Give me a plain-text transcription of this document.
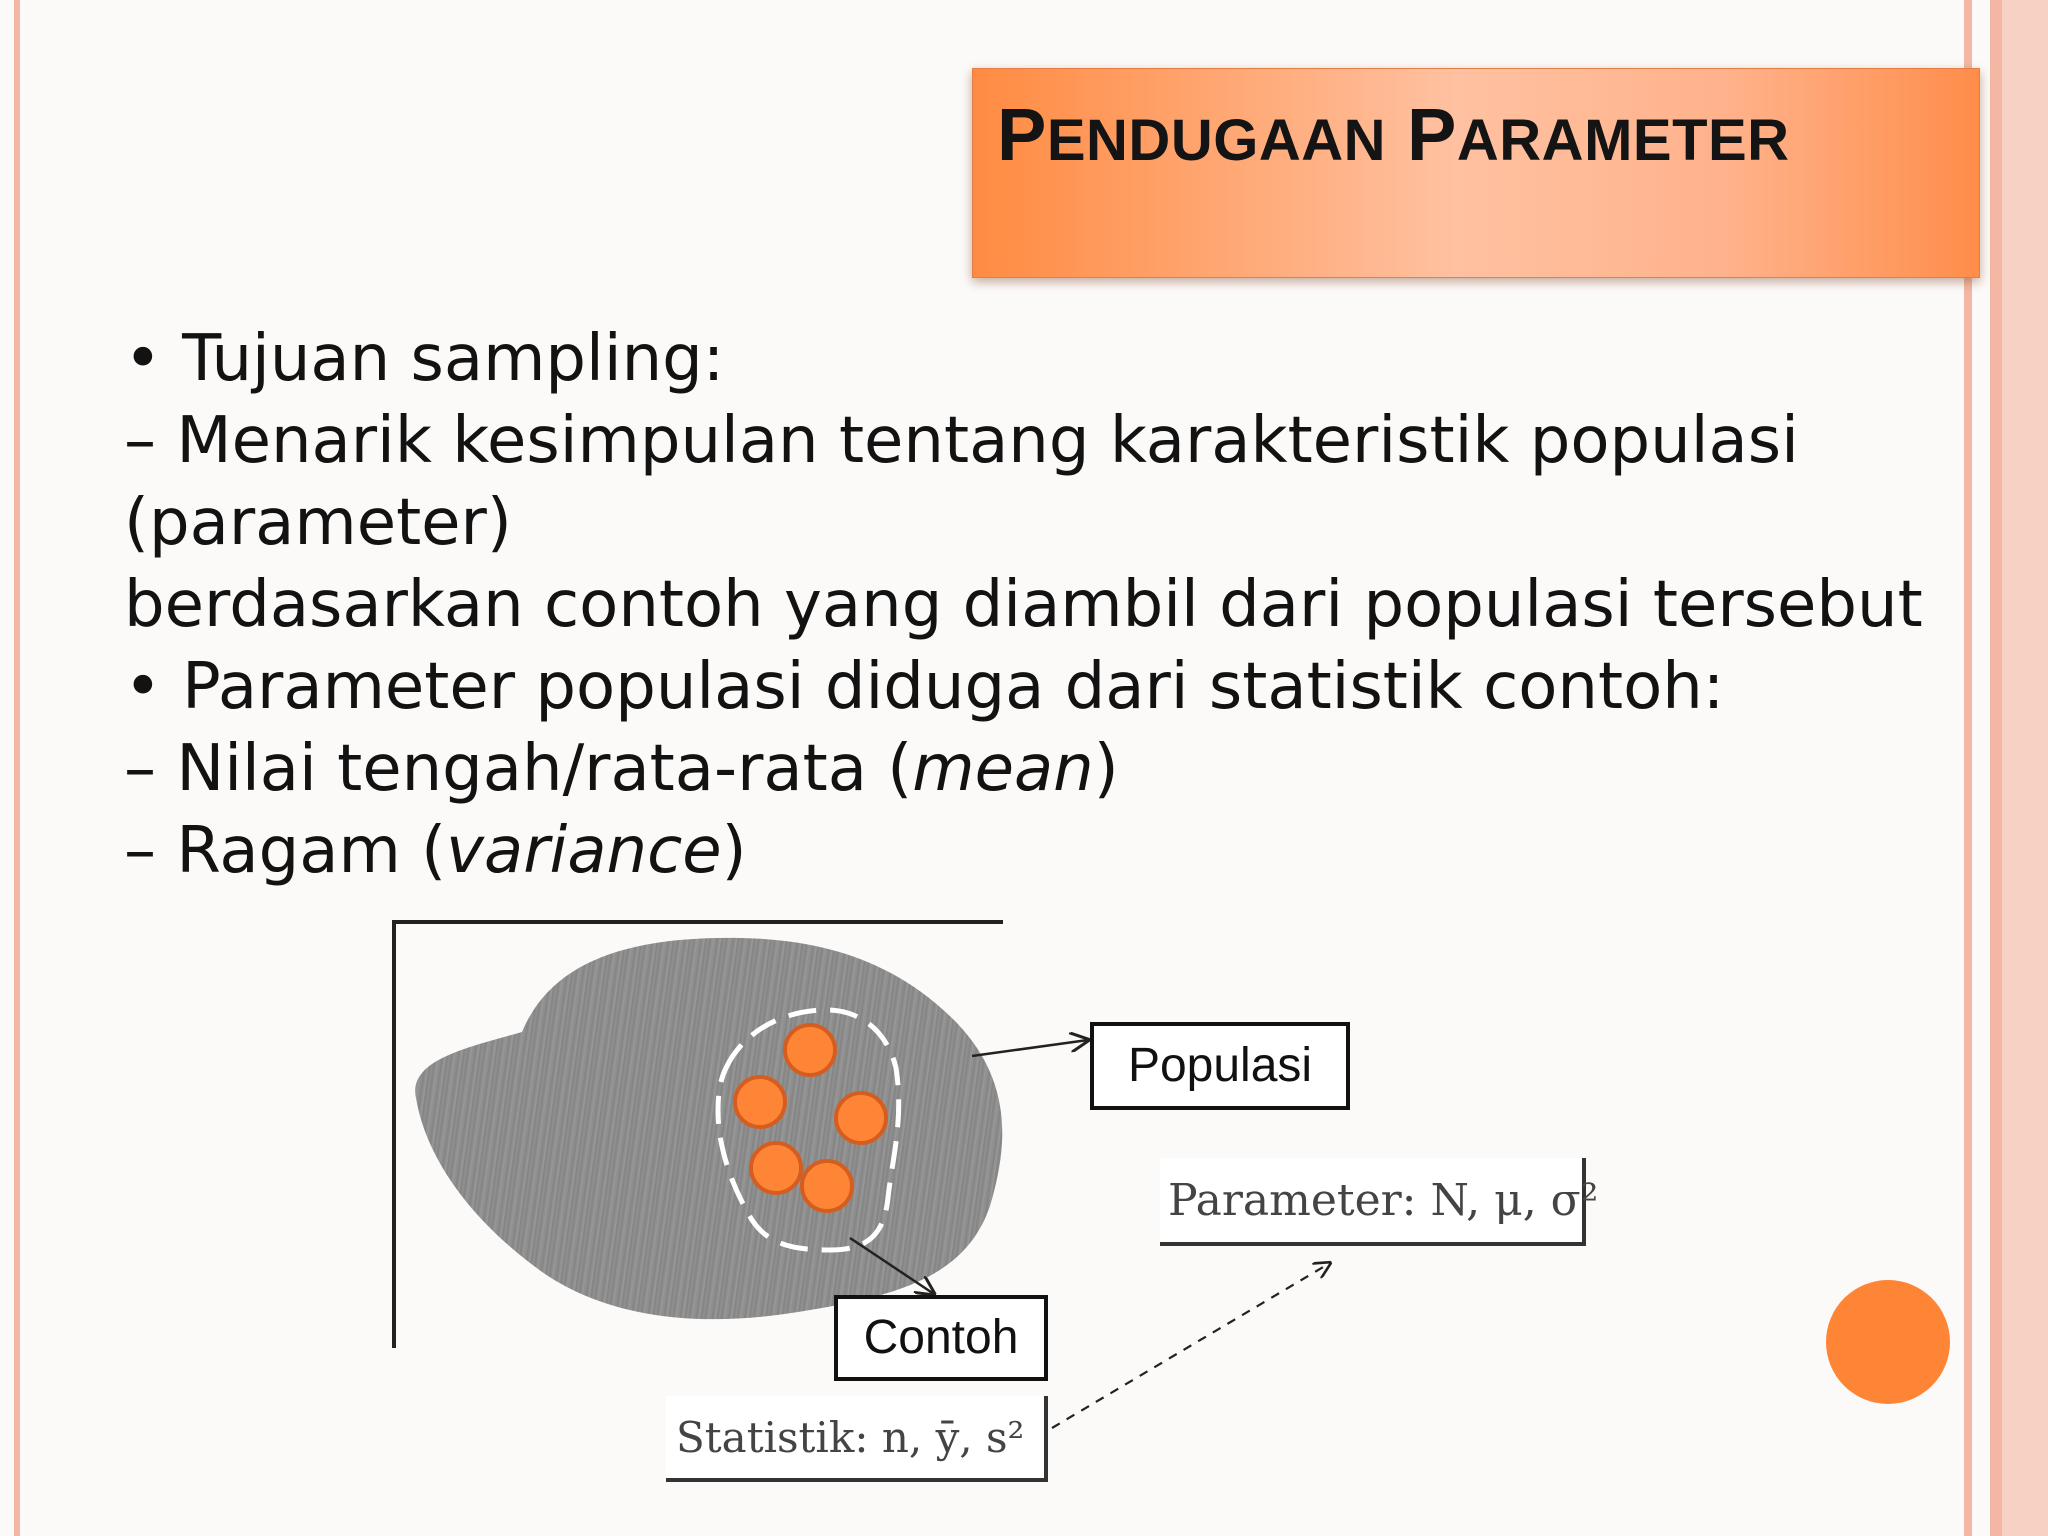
PENDUGAAN PARAMETER
• Tujuan sampling:
– Menarik kesimpulan tentang karakteristik populasi
(parameter)
berdasarkan contoh yang diambil dari populasi tersebut
• Parameter populasi diduga dari statistik contoh:
– Nilai tengah/rata-rata (mean)
– Ragam (variance)
Populasi
Contoh
Parameter: N, μ, σ²
Statistik: n, ȳ, s²
